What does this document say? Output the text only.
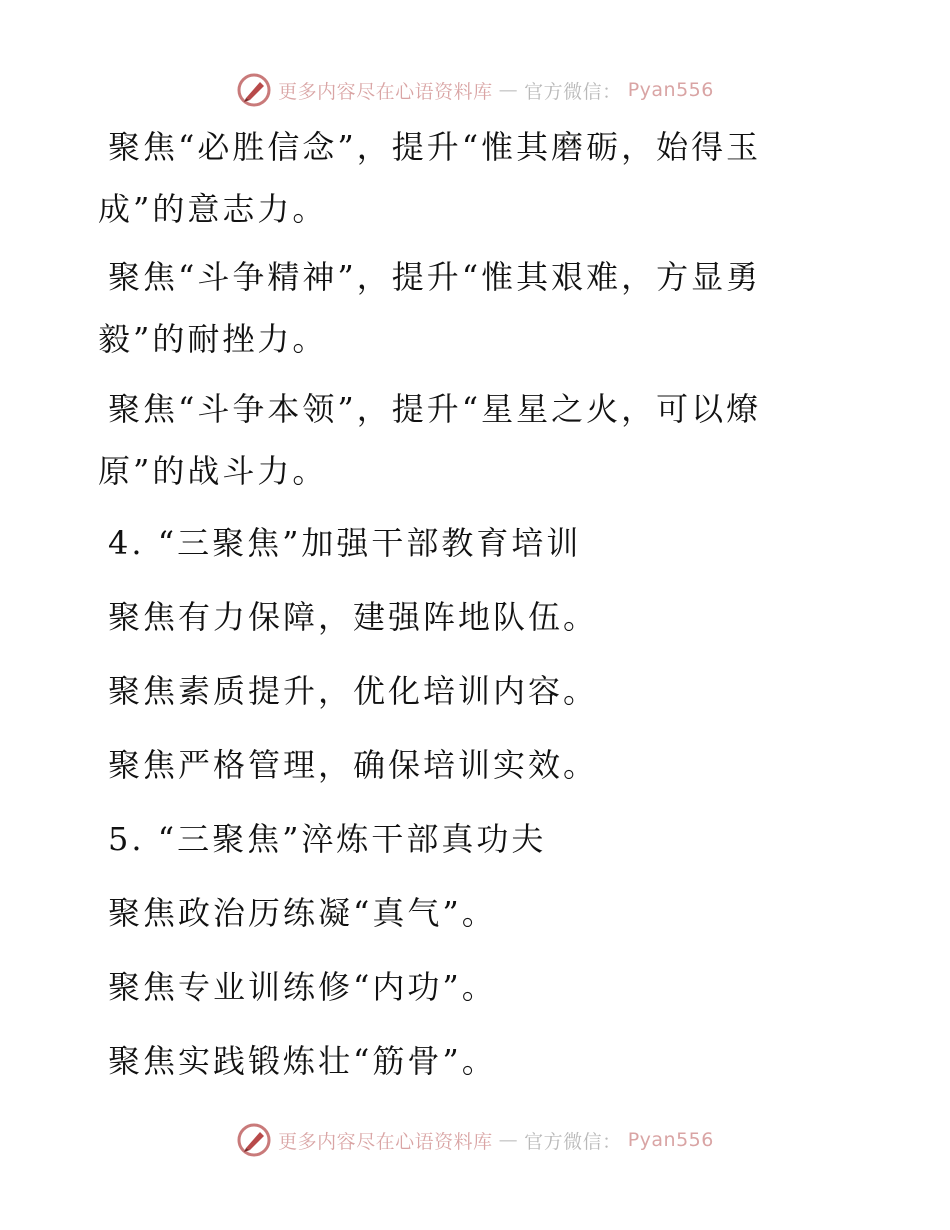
更多内容尽在心语资料库 — 官方微信： Pyan556
聚焦“必胜信念”，提升“惟其磨砺，始得玉
成”的意志力。
聚焦“斗争精神”，提升“惟其艰难，方显勇
毅”的耐挫力。
聚焦“斗争本领”，提升“星星之火，可以燎
原”的战斗力。
4. “三聚焦”加强干部教育培训
聚焦有力保障，建强阵地队伍。
聚焦素质提升，优化培训内容。
聚焦严格管理，确保培训实效。
5. “三聚焦”淬炼干部真功夫
聚焦政治历练凝“真气”。
聚焦专业训练修“内功”。
聚焦实践锻炼壮“筋骨”。
更多内容尽在心语资料库 — 官方微信： Pyan556
